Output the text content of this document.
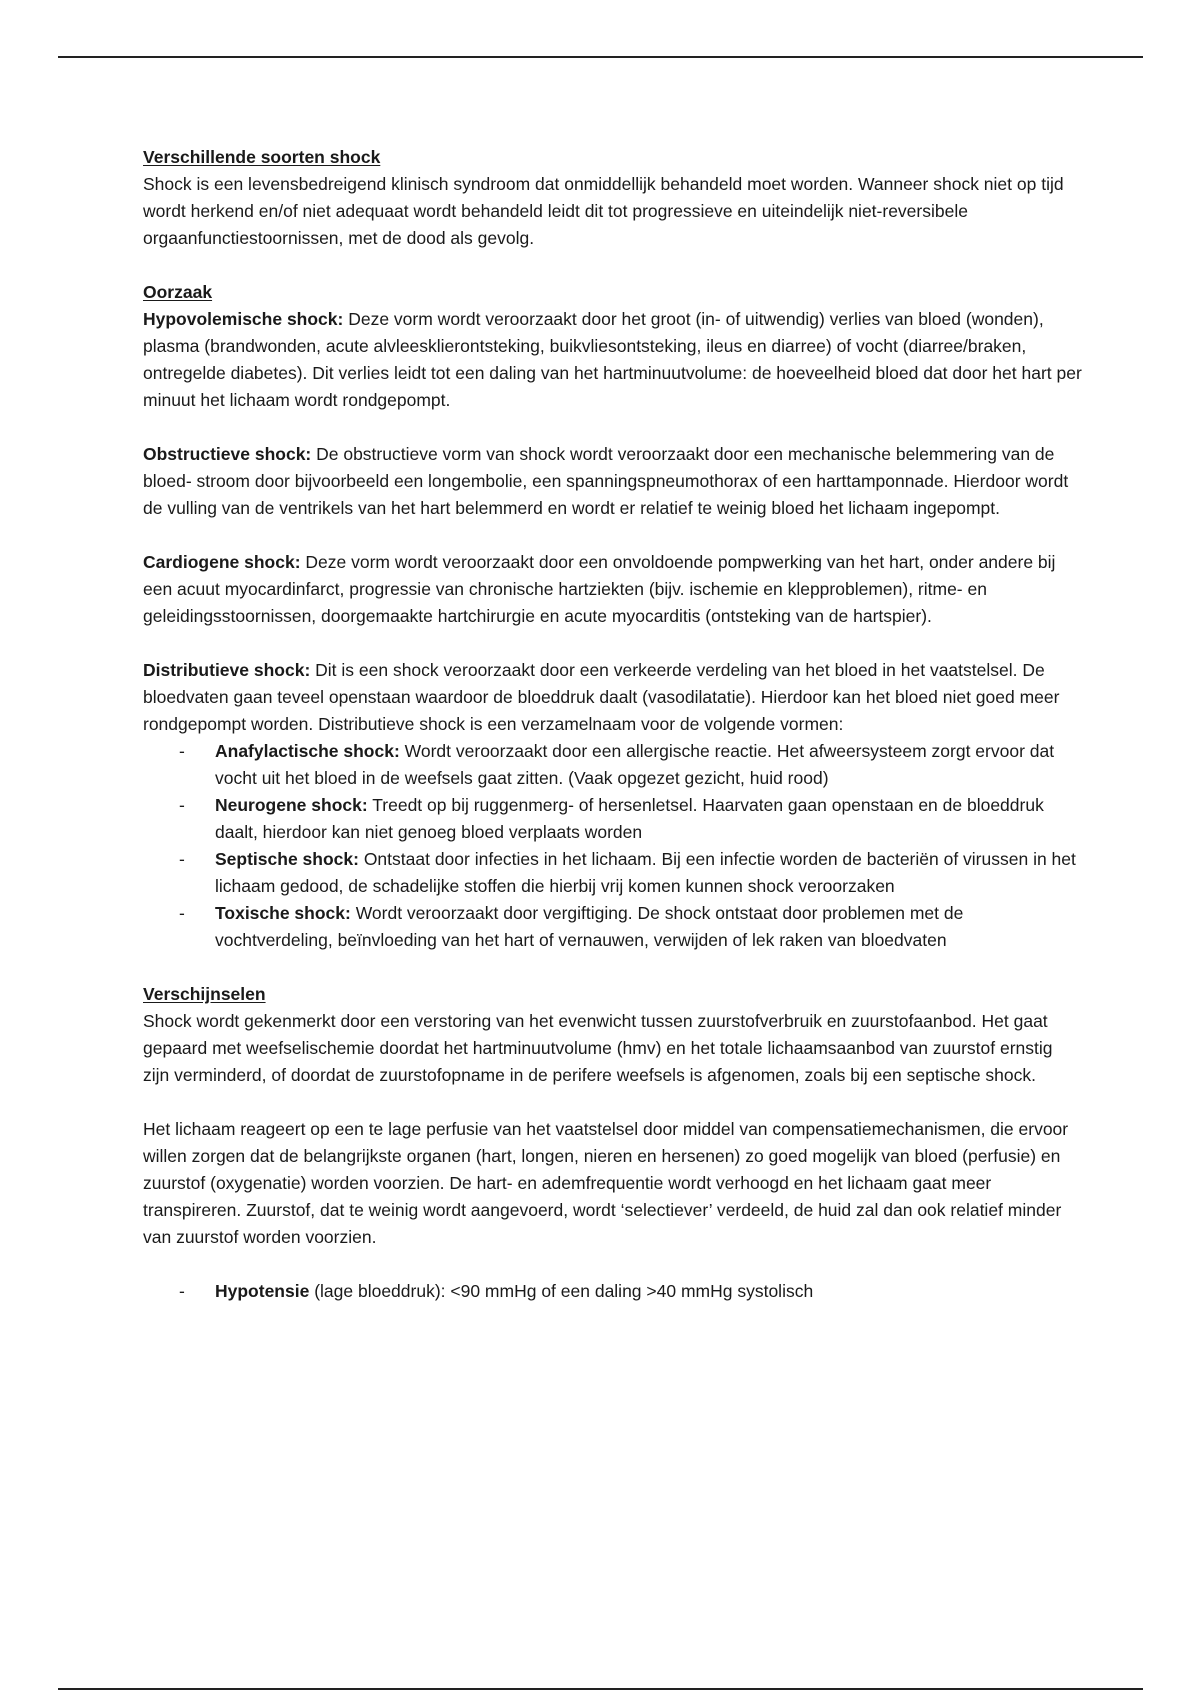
Verschillende soorten shock

Shock is een levensbedreigend klinisch syndroom dat onmiddellijk behandeld moet worden. Wanneer shock niet op tijd wordt herkend en/of niet adequaat wordt behandeld leidt dit tot progressieve en uiteindelijk niet-reversibele orgaanfunctiestoornissen, met de dood als gevolg.

Oorzaak

Hypovolemische shock: Deze vorm wordt veroorzaakt door het groot (in- of uitwendig) verlies van bloed (wonden), plasma (brandwonden, acute alvleesklierontsteking, buikvliesontsteking, ileus en diarree) of vocht (diarree/braken, ontregelde diabetes). Dit verlies leidt tot een daling van het hartminuutvolume: de hoeveelheid bloed dat door het hart per minuut het lichaam wordt rondgepompt.

Obstructieve shock: De obstructieve vorm van shock wordt veroorzaakt door een mechanische belemmering van de bloed- stroom door bijvoorbeeld een longembolie, een spanningspneumothorax of een harttamponnade. Hierdoor wordt de vulling van de ventrikels van het hart belemmerd en wordt er relatief te weinig bloed het lichaam ingepompt.

Cardiogene shock: Deze vorm wordt veroorzaakt door een onvoldoende pompwerking van het hart, onder andere bij een acuut myocardinfarct, progressie van chronische hartziekten (bijv. ischemie en klepproblemen), ritme- en geleidingsstoornissen, doorgemaakte hartchirurgie en acute myocarditis (ontsteking van de hartspier).

Distributieve shock: Dit is een shock veroorzaakt door een verkeerde verdeling van het bloed in het vaatstelsel. De bloedvaten gaan teveel openstaan waardoor de bloeddruk daalt (vasodilatatie). Hierdoor kan het bloed niet goed meer rondgepompt worden. Distributieve shock is een verzamelnaam voor de volgende vormen:

- Anafylactische shock: Wordt veroorzaakt door een allergische reactie. Het afweersysteem zorgt ervoor dat vocht uit het bloed in de weefsels gaat zitten. (Vaak opgezet gezicht, huid rood)
- Neurogene shock: Treedt op bij ruggenmerg- of hersenletsel. Haarvaten gaan openstaan en de bloeddruk daalt, hierdoor kan niet genoeg bloed verplaats worden
- Septische shock: Ontstaat door infecties in het lichaam. Bij een infectie worden de bacteriën of virussen in het lichaam gedood, de schadelijke stoffen die hierbij vrij komen kunnen shock veroorzaken
- Toxische shock: Wordt veroorzaakt door vergiftiging. De shock ontstaat door problemen met de vochtverdeling, beïnvloeding van het hart of vernauwen, verwijden of lek raken van bloedvaten

Verschijnselen

Shock wordt gekenmerkt door een verstoring van het evenwicht tussen zuurstofverbruik en zuurstofaanbod. Het gaat gepaard met weefselischemie doordat het hartminuutvolume (hmv) en het totale lichaamsaanbod van zuurstof ernstig zijn verminderd, of doordat de zuurstofopname in de perifere weefsels is afgenomen, zoals bij een septische shock.

Het lichaam reageert op een te lage perfusie van het vaatstelsel door middel van compensatiemechanismen, die ervoor willen zorgen dat de belangrijkste organen (hart, longen, nieren en hersenen) zo goed mogelijk van bloed (perfusie) en zuurstof (oxygenatie) worden voorzien. De hart- en ademfrequentie wordt verhoogd en het lichaam gaat meer transpireren. Zuurstof, dat te weinig wordt aangevoerd, wordt ‘selectiever’ verdeeld, de huid zal dan ook relatief minder van zuurstof worden voorzien.

- Hypotensie (lage bloeddruk): <90 mmHg of een daling >40 mmHg systolisch
